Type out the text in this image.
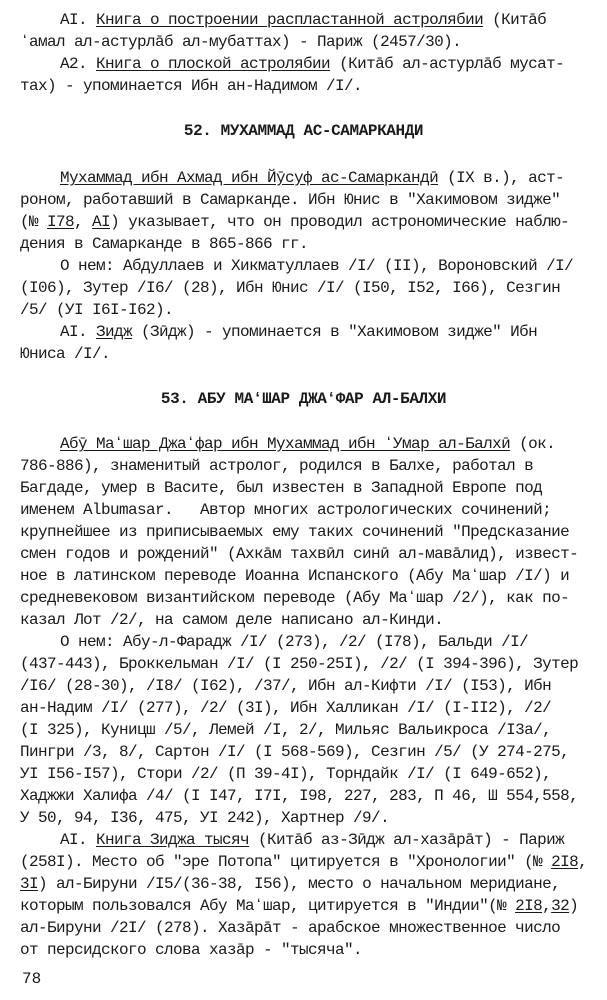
52. МУХАММАД АС-САМАРКАНДИ
53. АБУ МАʻШАР ДЖАʻФАР АЛ-БАЛХИ
AI. Книга о построении распластанной астролябии (Китāб
ʻамал ал-астурлāб ал-мубаттах) - Париж (2457/30).
A2. Книга о плоской астролябии (Китāб ал-астурлāб мусат-
тах) - упоминается Ибн ан-Надимом /I/.
Мухаммад ибн Ахмад ибн Йӯсуф ас-Самаркандӣ (IX в.), аст-
роном, работавший в Самарканде. Ибн Юнис в "Хакимовом зидже"
(№ I78, AI) указывает, что он проводил астрономические наблю-
дения в Самарканде в 865-866 гг.
О нем: Абдуллаев и Хикматуллаев /I/ (II), Вороновский /I/
(I06), Зутер /I6/ (28), Ибн Юнис /I/ (I50, I52, I66), Сезгин
/5/ (УI I6I-I62).
AI. Зидж (Зӣдж) - упоминается в "Хакимовом зидже" Ибн
Юниса /I/.
Абӯ Маʻшар Джаʻфар ибн Мухаммад ибн ʻУмар ал-Балхӣ (ок.
786-886), знаменитый астролог, родился в Балхе, работал в
Багдаде, умер в Васите, был известен в Западной Европе под
именем Albumasar.   Автор многих астрологических сочинений;
крупнейшее из приписываемых ему таких сочинений "Предсказание
смен годов и рождений" (Ахкāм тахвӣл синӣ ал-мавāлид), извест-
ное в латинском переводе Иоанна Испанского (Абу Маʻшар /I/) и
средневековом византийском переводе (Абу Маʻшар /2/), как по-
казал Лот /2/, на самом деле написано ал-Кинди.
О нем: Абу-л-Фарадж /I/ (273), /2/ (I78), Бальди /I/
(437-443), Броккельман /I/ (I 250-25I), /2/ (I 394-396), Зутер
/I6/ (28-30), /I8/ (I62), /37/, Ибн ал-Кифти /I/ (I53), Ибн
ан-Надим /I/ (277), /2/ (3I), Ибн Халликан /I/ (I-II2), /2/
(I 325), Куницш /5/, Лемей /I, 2/, Мильяс Вальикроса /I3a/,
Пингри /3, 8/, Сартон /I/ (I 568-569), Сезгин /5/ (У 274-275,
УI I56-I57), Стори /2/ (П 39-4I), Торндайк /I/ (I 649-652),
Хаджжи Халифа /4/ (I I47, I7I, I98, 227, 283, П 46, Ш 554,558,
У 50, 94, I36, 475, УI 242), Хартнер /9/.
AI. Книга Зиджа тысяч (Китāб аз-Зӣдж ал-хазāрāт) - Париж
(258I). Место об "эре Потопа" цитируется в "Хронологии" (№ 2I8,
3I) ал-Бируни /I5/(36-38, I56), место о начальном меридиане,
которым пользовался Абу Маʻшар, цитируется в "Индии"(№ 2I8,32)
ал-Бируни /2I/ (278). Хазāрāт - арабское множественное число
от персидского слова хазāр - "тысяча".
78
